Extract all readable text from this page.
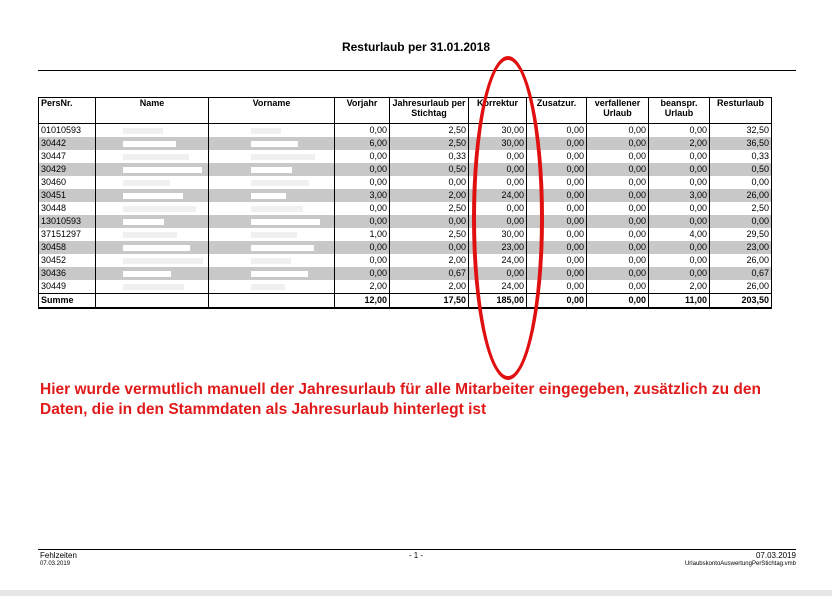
Resturlaub per 31.01.2018
PersNr.	Name	Vorname	Vorjahr	Jahresurlaub per Stichtag	Korrektur	Zusatzur.	verfallener Urlaub	beanspr. Urlaub	Resturlaub
01010593			0,00	2,50	30,00	0,00	0,00	0,00	32,50
30442			6,00	2,50	30,00	0,00	0,00	2,00	36,50
30447			0,00	0,33	0,00	0,00	0,00	0,00	0,33
30429			0,00	0,50	0,00	0,00	0,00	0,00	0,50
30460			0,00	0,00	0,00	0,00	0,00	0,00	0,00
30451			3,00	2,00	24,00	0,00	0,00	3,00	26,00
30448			0,00	2,50	0,00	0,00	0,00	0,00	2,50
13010593			0,00	0,00	0,00	0,00	0,00	0,00	0,00
37151297			1,00	2,50	30,00	0,00	0,00	4,00	29,50
30458			0,00	0,00	23,00	0,00	0,00	0,00	23,00
30452			0,00	2,00	24,00	0,00	0,00	0,00	26,00
30436			0,00	0,67	0,00	0,00	0,00	0,00	0,67
30449			2,00	2,00	24,00	0,00	0,00	2,00	26,00
Summe			12,00	17,50	185,00	0,00	0,00	11,00	203,50
Hier wurde vermutlich manuell der Jahresurlaub für alle Mitarbeiter eingegeben, zusätzlich zu den Daten, die in den Stammdaten als Jahresurlaub hinterlegt ist
Fehlzeiten
07.03.2019
- 1 -	07.03.2019
UrlaubskontoAuswertungPerStichtag.vmb
